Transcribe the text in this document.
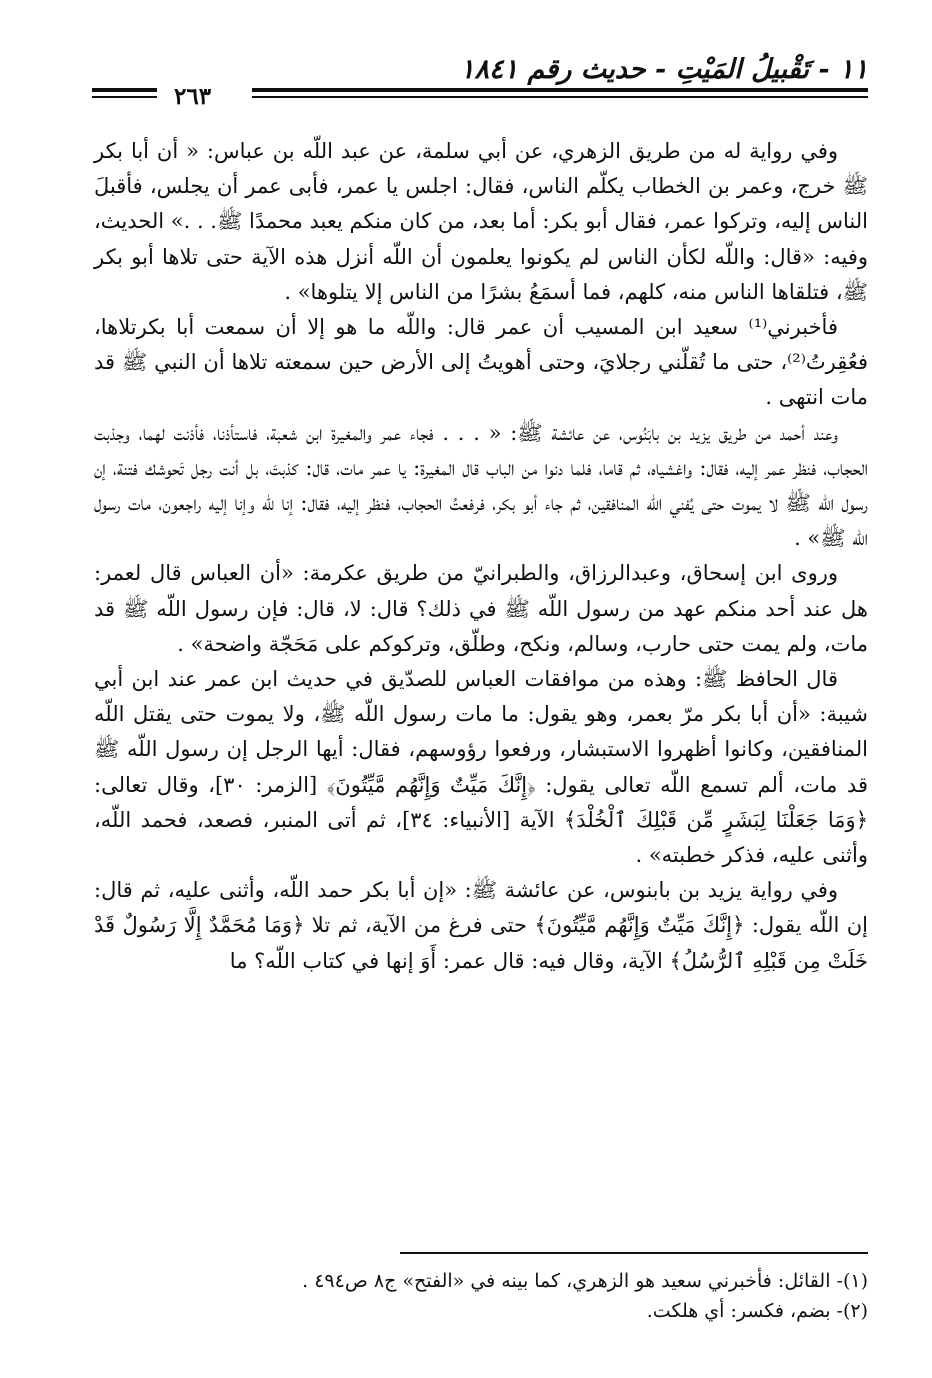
١١ - تَقْبيلُ المَيْتِ - حديث رقم ١٨٤١
٢٦٣

وفي رواية له من طريق الزهري، عن أبي سلمة، عن عبد اللّه بن عباس: « أن أبا بكر ﷺ خرج، وعمر بن الخطاب يكلّم الناس، فقال: اجلس يا عمر، فأبى عمر أن يجلس، فأقبلَ الناس إليه، وتركوا عمر، فقال أبو بكر: أما بعد، من كان منكم يعبد محمدًا ﷺ. . .» الحديث، وفيه: «قال: واللّه لكأن الناس لم يكونوا يعلمون أن اللّه أنزل هذه الآية حتى تلاها أبو بكر ﷺ، فتلقاها الناس منه، كلهم، فما أسمَعُ بشرًا من الناس إلا يتلوها» .

فأخبرني⁽¹⁾ سعيد ابن المسيب أن عمر قال: واللّه ما هو إلا أن سمعت أبا بكرتلاها، فعُقِرتُ⁽²⁾، حتى ما تُقلّني رجلايَ، وحتى أهويتُ إلى الأرض حين سمعته تلاها أن النبي ﷺ قد مات انتهى .

وعند أحمد من طريق يزيد بن بابَنُوس، عن عائشة ﷺ: « . . . فجاء عمر والمغيرة ابن شعبة، فاستأذنا، فأذنت لهما، وجذبت الحجاب، فنظر عمر إليه، فقال: واغشياه، ثم قاما، فلما دنوا من الباب قال المغيرة: يا عمر مات، قال: كذبتَ، بل أنت رجل تَحوشك فتنة، إن رسول اللّه ﷺ لا يموت حتى يُفني اللّه المنافقين، ثم جاء أبو بكر، فرفعتُ الحجاب، فنظر إليه، فقال: إنا للّه وإنا إليه راجعون، مات رسول اللّه ﷺ» .

وروى ابن إسحاق، وعبدالرزاق، والطبرانيّ من طريق عكرمة: «أن العباس قال لعمر: هل عند أحد منكم عهد من رسول اللّه ﷺ في ذلك؟ قال: لا، قال: فإن رسول اللّه ﷺ قد مات، ولم يمت حتى حارب، وسالم، ونكح، وطلّق، وتركوكم على مَحَجّة واضحة» .

قال الحافظ ﷺ: وهذه من موافقات العباس للصدّيق في حديث ابن عمر عند ابن أبي شيبة: «أن أبا بكر مرّ بعمر، وهو يقول: ما مات رسول اللّه ﷺ، ولا يموت حتى يقتل اللّه المنافقين، وكانوا أظهروا الاستبشار، ورفعوا رؤوسهم، فقال: أيها الرجل إن رسول اللّه ﷺ قد مات، ألم تسمع اللّه تعالى يقول: ﴿إِنَّكَ مَيِّتٌ وَإِنَّهُم مَّيِّتُونَ﴾ [الزمر: ٣٠]، وقال تعالى: ﴿وَمَا جَعَلْنَا لِبَشَرٍ مِّن قَبْلِكَ ٱلْخُلْدَ﴾ الآية [الأنبياء: ٣٤]، ثم أتى المنبر، فصعد، فحمد اللّه، وأثنى عليه، فذكر خطبته» .

وفي رواية يزيد بن بابنوس، عن عائشة ﷺ: «إن أبا بكر حمد اللّه، وأثنى عليه، ثم قال: إن اللّه يقول: ﴿إِنَّكَ مَيِّتٌ وَإِنَّهُم مَّيِّتُونَ﴾ حتى فرغ من الآية، ثم تلا ﴿وَمَا مُحَمَّدٌ إِلَّا رَسُولٌ قَدْ خَلَتْ مِن قَبْلِهِ ٱلرُّسُلُ﴾ الآية، وقال فيه: قال عمر: أَوَ إنها في كتاب اللّه؟ ما

(١)- القائل: فأخبرني سعيد هو الزهري، كما بينه في «الفتح» ج٨ ص٤٩٤ .

(٢)- بضم، فكسر: أي هلكت.
